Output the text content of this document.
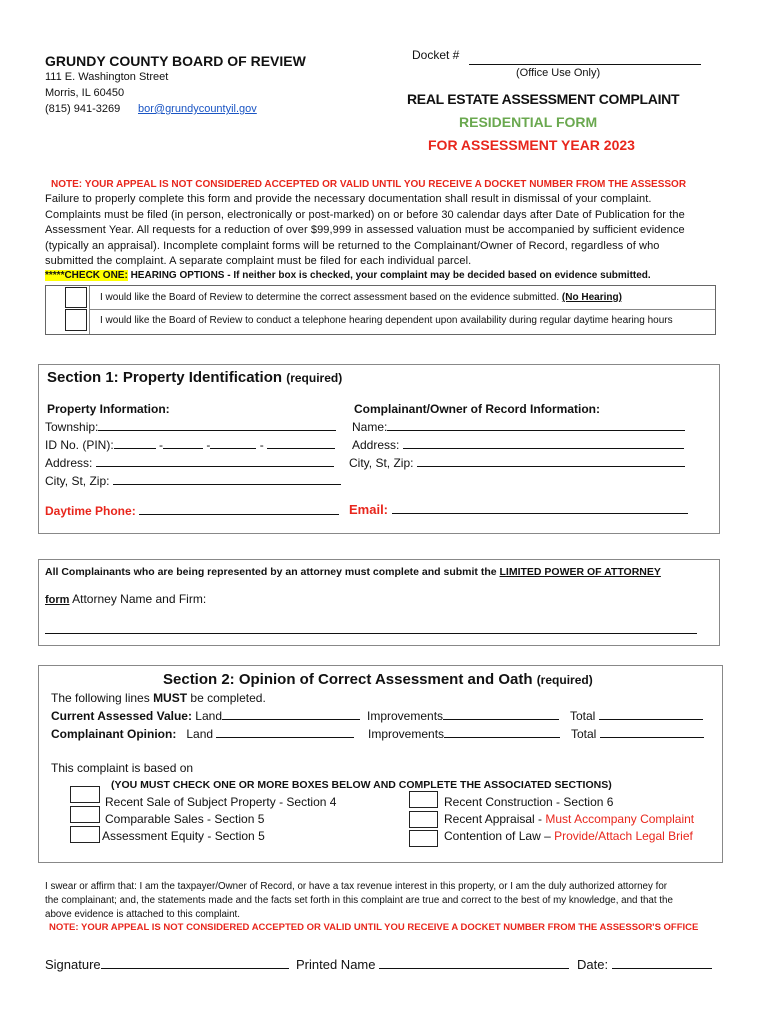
GRUNDY COUNTY BOARD OF REVIEW
111 E. Washington Street
Morris, IL 60450
(815) 941-3269 bor@grundycountyil.gov
Docket #
(Office Use Only)
REAL ESTATE ASSESSMENT COMPLAINT
RESIDENTIAL FORM
FOR ASSESSMENT YEAR 2023
NOTE: YOUR APPEAL IS NOT CONSIDERED ACCEPTED OR VALID UNTIL YOU RECEIVE A DOCKET NUMBER FROM THE ASSESSOR
Failure to properly complete this form and provide the necessary documentation shall result in dismissal of your complaint.
Complaints must be filed (in person, electronically or post-marked) on or before 30 calendar days after Date of Publication for the
Assessment Year. All requests for a reduction of over $99,999 in assessed valuation must be accompanied by sufficient evidence
(typically an appraisal). Incomplete complaint forms will be returned to the Complainant/Owner of Record, regardless of who
submitted the complaint. A separate complaint must be filed for each individual parcel.
*****CHECK ONE: HEARING OPTIONS - If neither box is checked, your complaint may be decided based on evidence submitted.
I would like the Board of Review to determine the correct assessment based on the evidence submitted. (No Hearing)
I would like the Board of Review to conduct a telephone hearing dependent upon availability during regular daytime hearing hours
Section 1: Property Identification (required)
Property Information:
Township:
ID No. (PIN):	-	-	-
Address:
City, St, Zip:
Daytime Phone:
Complainant/Owner of Record Information:
Name:
Address:
City, St, Zip:
Email:
All Complainants who are being represented by an attorney must complete and submit the LIMITED POWER OF ATTORNEY
form Attorney Name and Firm:
Section 2: Opinion of Correct Assessment and Oath (required)
The following lines MUST be completed.
Current Assessed Value: Land	Improvements	Total
Complainant Opinion: Land	Improvements	Total
This complaint is based on
(YOU MUST CHECK ONE OR MORE BOXES BELOW AND COMPLETE THE ASSOCIATED SECTIONS)
Recent Sale of Subject Property - Section 4
Comparable Sales - Section 5
Assessment Equity - Section 5
Recent Construction - Section 6
Recent Appraisal - Must Accompany Complaint
Contention of Law – Provide/Attach Legal Brief
I swear or affirm that: I am the taxpayer/Owner of Record, or have a tax revenue interest in this property, or I am the duly authorized attorney for
the complainant; and, the statements made and the facts set forth in this complaint are true and correct to the best of my knowledge, and that the
above evidence is attached to this complaint.
NOTE: YOUR APPEAL IS NOT CONSIDERED ACCEPTED OR VALID UNTIL YOU RECEIVE A DOCKET NUMBER FROM THE ASSESSOR'S OFFICE
Signature	Printed Name	Date:
